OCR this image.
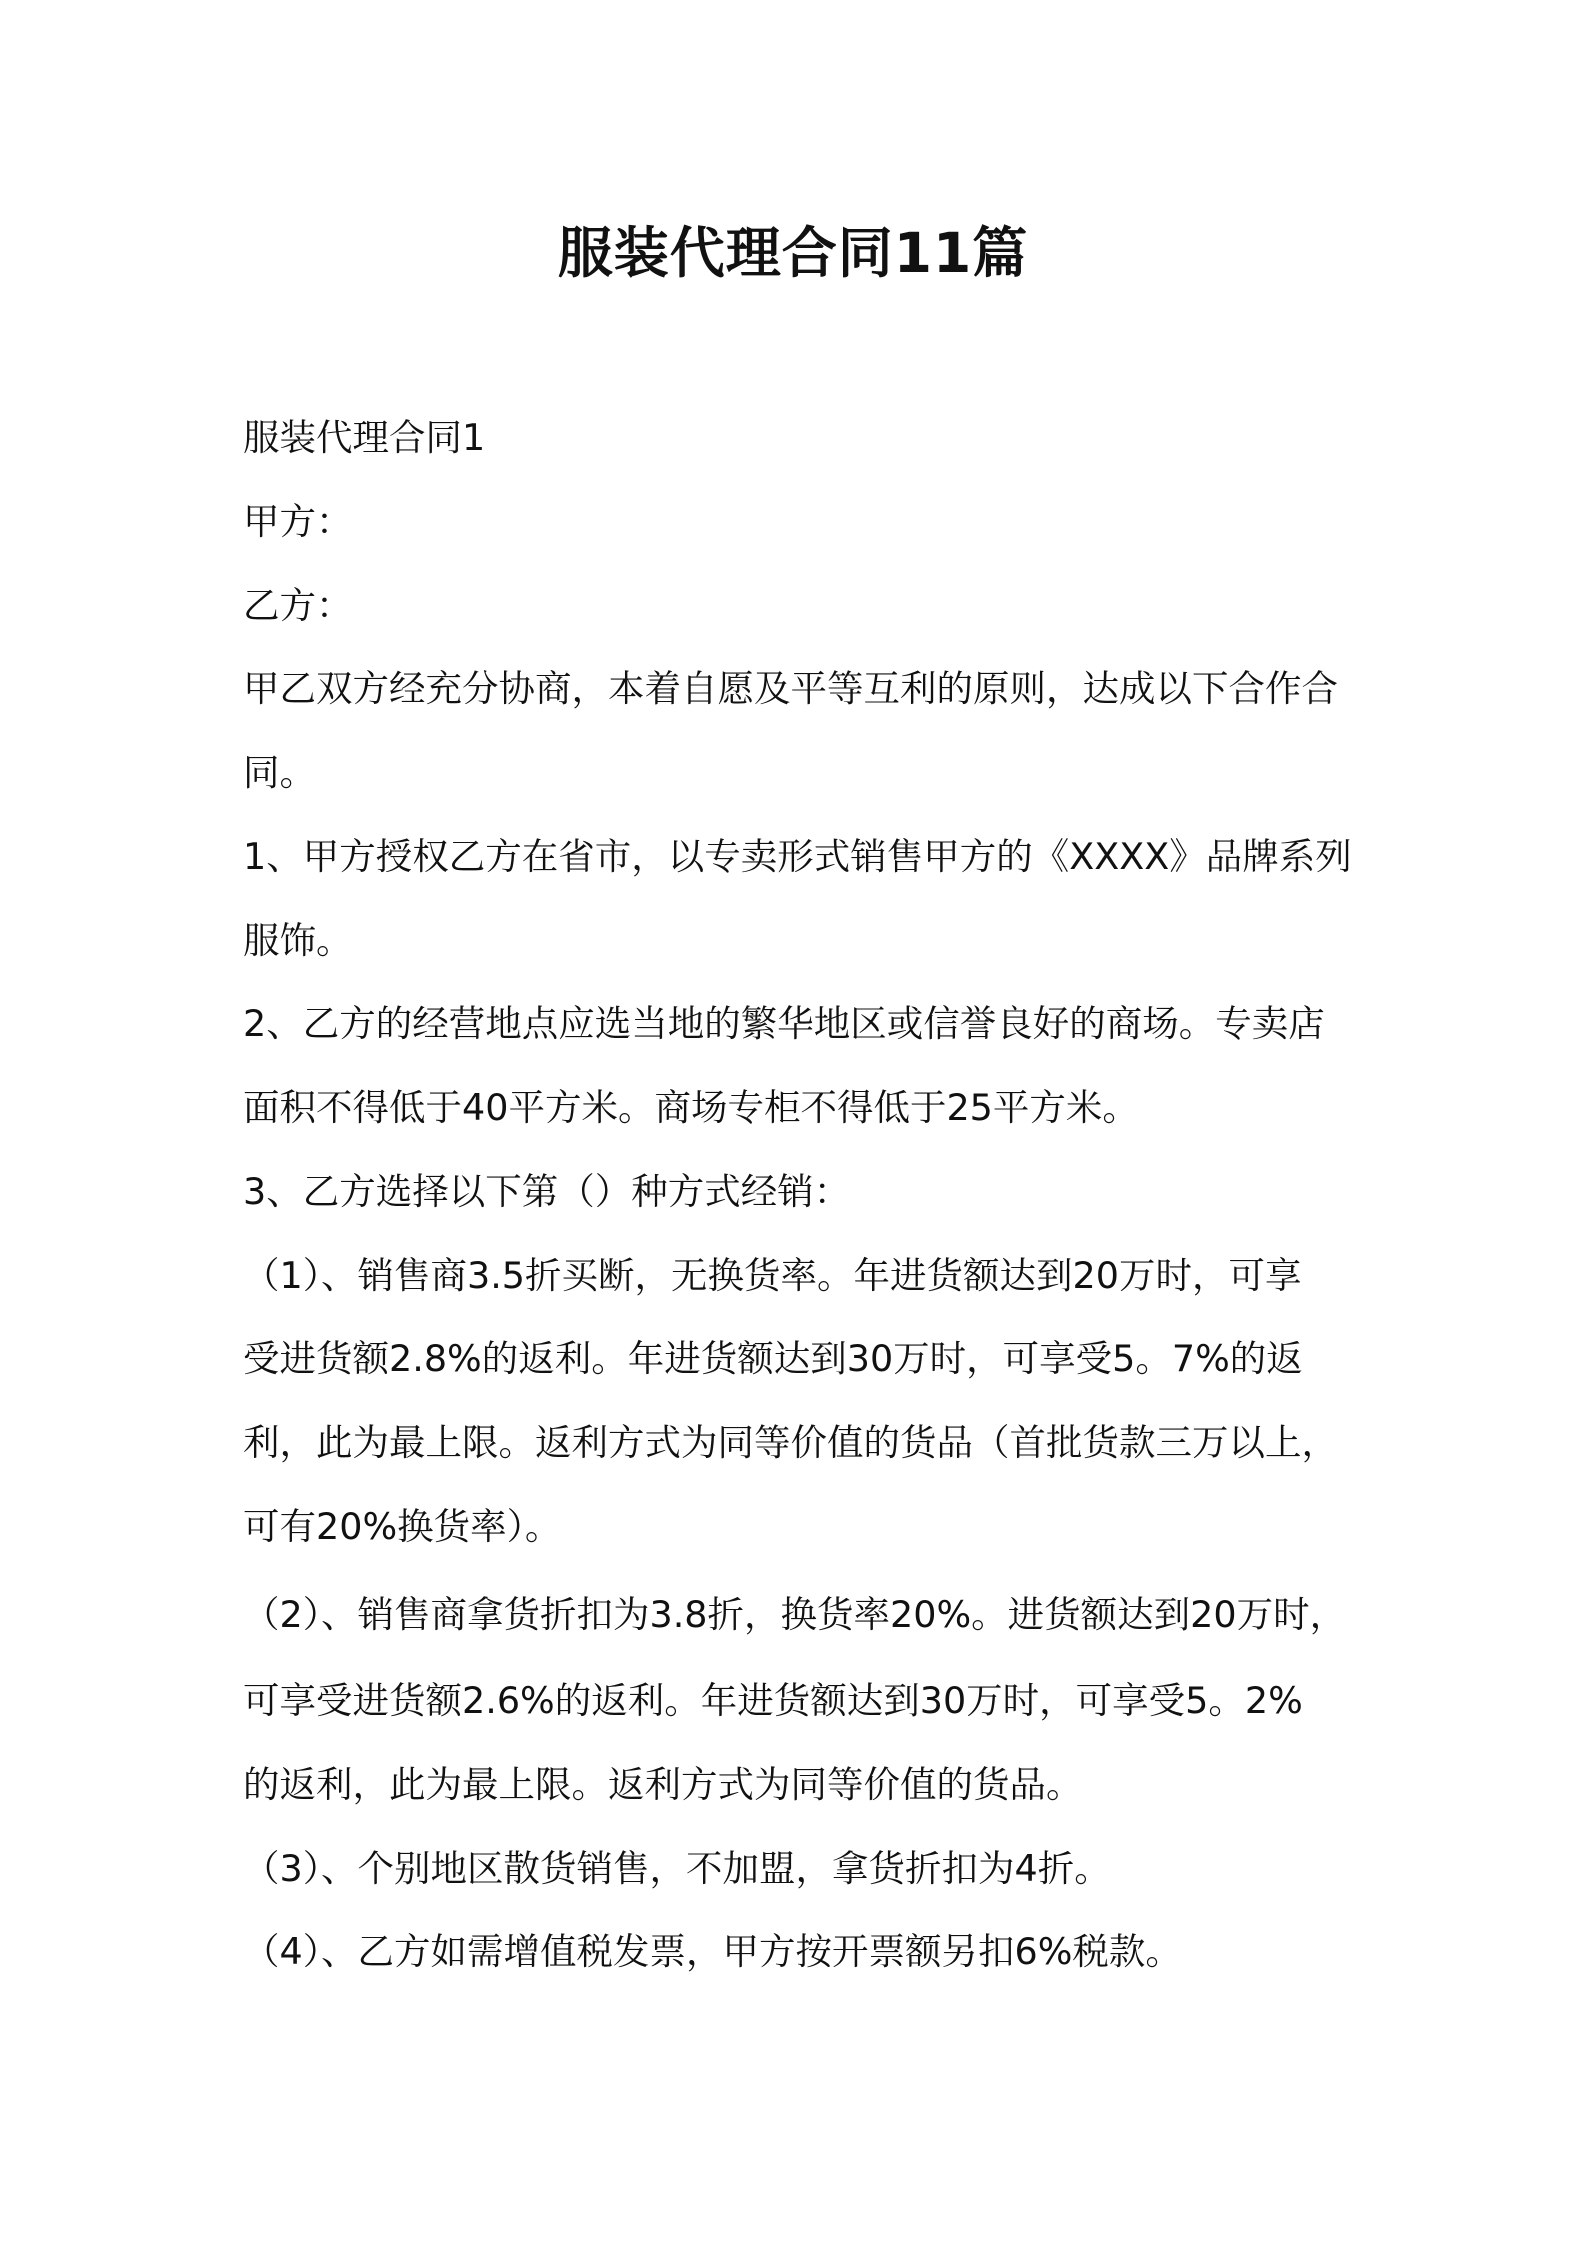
服装代理合同11篇

服装代理合同1

甲方：

乙方：

甲乙双方经充分协商，本着自愿及平等互利的原则，达成以下合作合

同。

1、甲方授权乙方在省市，以专卖形式销售甲方的《XXXX》品牌系列

服饰。

2、乙方的经营地点应选当地的繁华地区或信誉良好的商场。专卖店

面积不得低于40平方米。商场专柜不得低于25平方米。

3、乙方选择以下第（）种方式经销：

（1）、销售商3.5折买断，无换货率。年进货额达到20万时，可享

受进货额2.8%的返利。年进货额达到30万时，可享受5。7%的返

利，此为最上限。返利方式为同等价值的货品（首批货款三万以上，

可有20%换货率）。

（2）、销售商拿货折扣为3.8折，换货率20%。进货额达到20万时，

可享受进货额2.6%的返利。年进货额达到30万时，可享受5。2%

的返利，此为最上限。返利方式为同等价值的货品。

（3）、个别地区散货销售，不加盟，拿货折扣为4折。

（4）、乙方如需增值税发票，甲方按开票额另扣6%税款。
